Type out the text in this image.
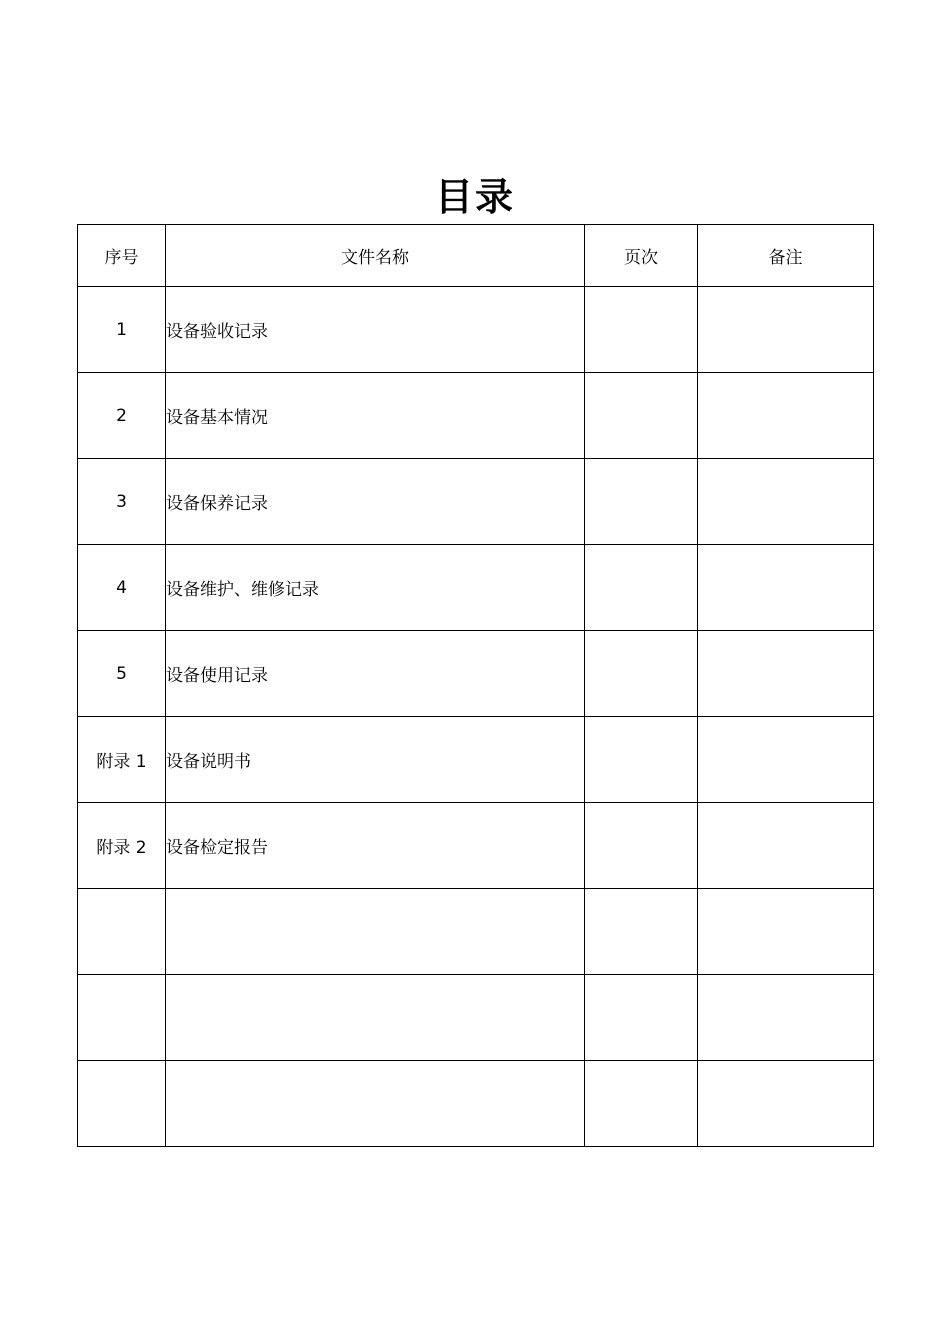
目录
序号	文件名称	页次	备注
1	设备验收记录		
2	设备基本情况		
3	设备保养记录		
4	设备维护、维修记录		
5	设备使用记录		
附录 1	设备说明书		
附录 2	设备检定报告		
